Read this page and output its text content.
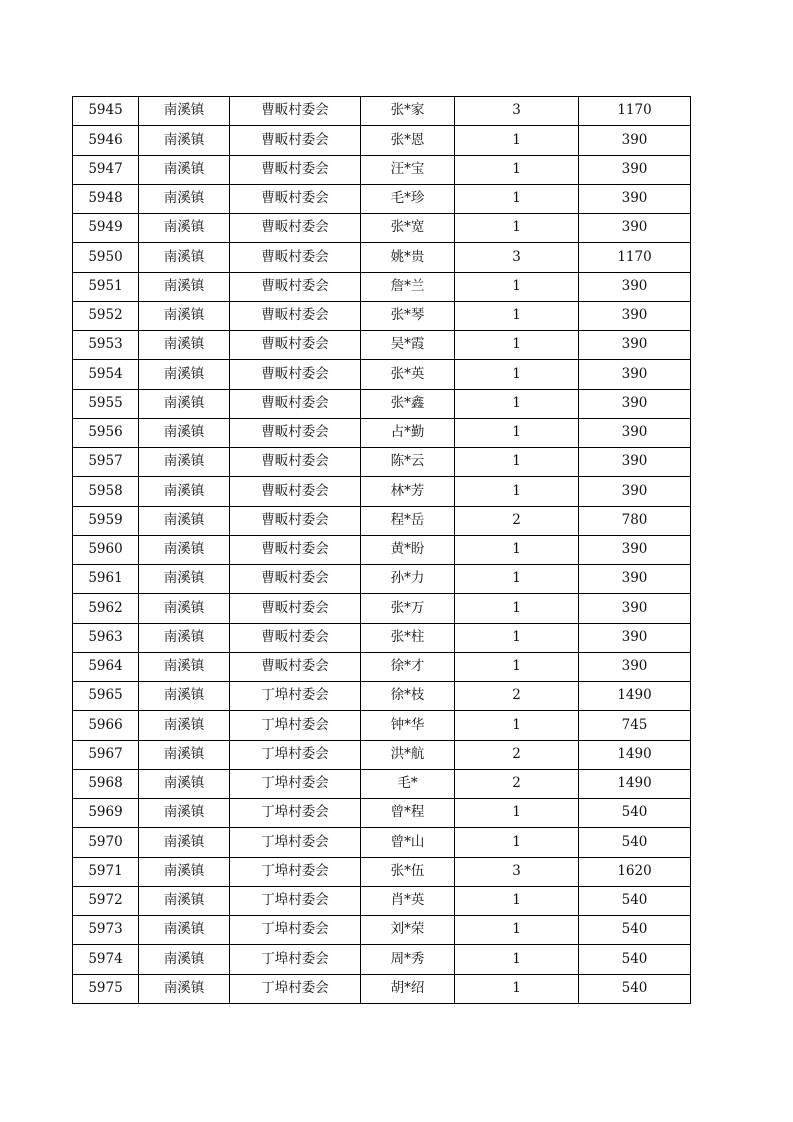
5945	南溪镇	曹畈村委会	张*家	3	1170
5946	南溪镇	曹畈村委会	张*恩	1	390
5947	南溪镇	曹畈村委会	汪*宝	1	390
5948	南溪镇	曹畈村委会	毛*珍	1	390
5949	南溪镇	曹畈村委会	张*宽	1	390
5950	南溪镇	曹畈村委会	姚*贵	3	1170
5951	南溪镇	曹畈村委会	詹*兰	1	390
5952	南溪镇	曹畈村委会	张*琴	1	390
5953	南溪镇	曹畈村委会	吴*霞	1	390
5954	南溪镇	曹畈村委会	张*英	1	390
5955	南溪镇	曹畈村委会	张*鑫	1	390
5956	南溪镇	曹畈村委会	占*勤	1	390
5957	南溪镇	曹畈村委会	陈*云	1	390
5958	南溪镇	曹畈村委会	林*芳	1	390
5959	南溪镇	曹畈村委会	程*岳	2	780
5960	南溪镇	曹畈村委会	黄*盼	1	390
5961	南溪镇	曹畈村委会	孙*力	1	390
5962	南溪镇	曹畈村委会	张*万	1	390
5963	南溪镇	曹畈村委会	张*柱	1	390
5964	南溪镇	曹畈村委会	徐*才	1	390
5965	南溪镇	丁埠村委会	徐*枝	2	1490
5966	南溪镇	丁埠村委会	钟*华	1	745
5967	南溪镇	丁埠村委会	洪*航	2	1490
5968	南溪镇	丁埠村委会	毛*	2	1490
5969	南溪镇	丁埠村委会	曾*程	1	540
5970	南溪镇	丁埠村委会	曾*山	1	540
5971	南溪镇	丁埠村委会	张*伍	3	1620
5972	南溪镇	丁埠村委会	肖*英	1	540
5973	南溪镇	丁埠村委会	刘*荣	1	540
5974	南溪镇	丁埠村委会	周*秀	1	540
5975	南溪镇	丁埠村委会	胡*绍	1	540
